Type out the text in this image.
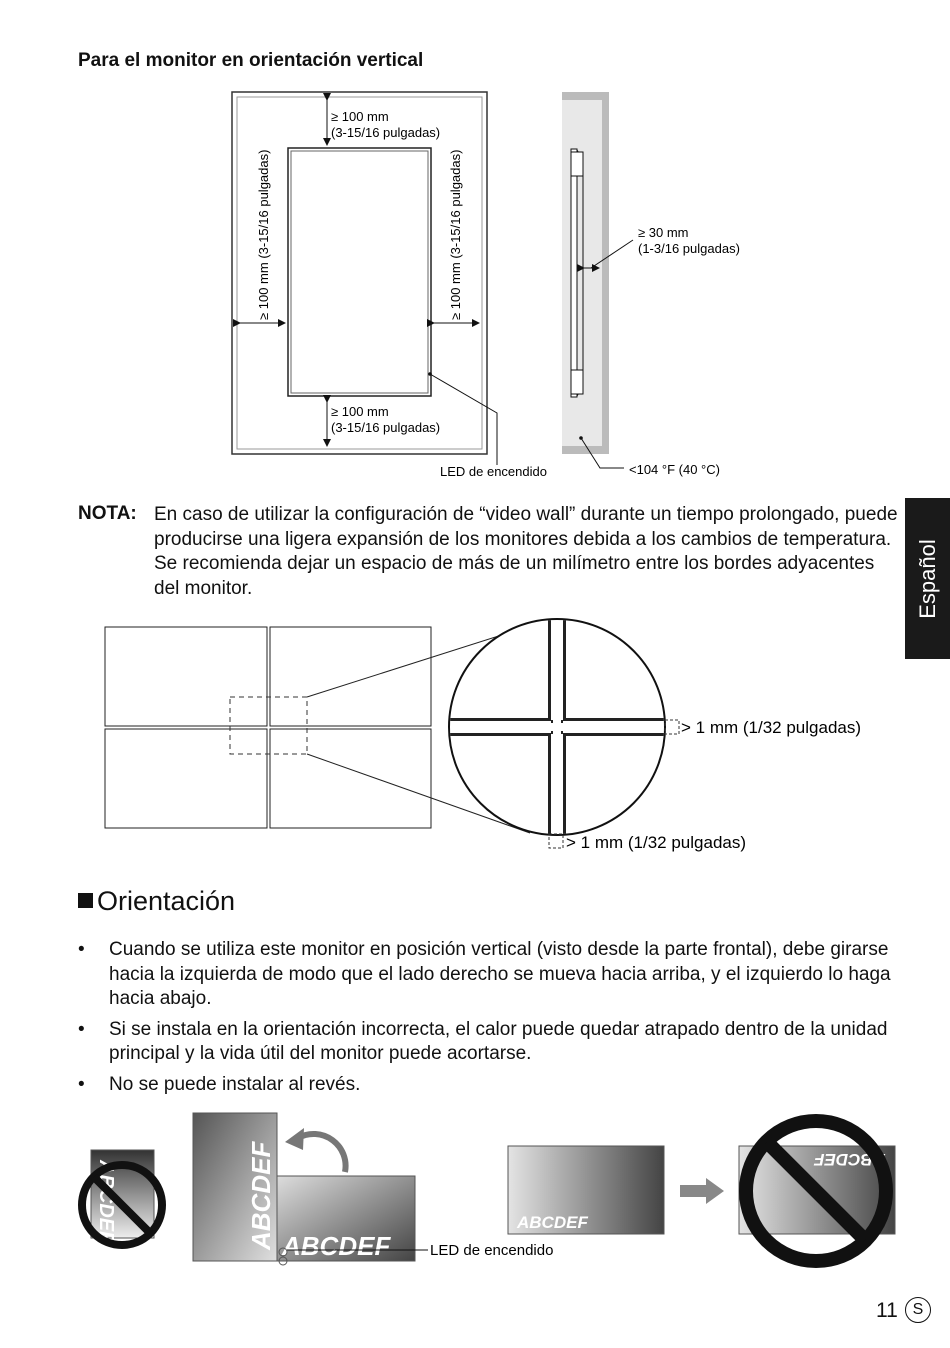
Para el monitor en orientación vertical
≥ 100 mm
(3-15/16 pulgadas)
≥ 100 mm
(3-15/16 pulgadas)
≥ 100 mm (3-15/16 pulgadas)	≥ 100 mm (3-15/16 pulgadas)
LED de encendido
≥ 30 mm
(1-3/16 pulgadas)
<104 °F (40 °C)
NOTA: En caso de utilizar la configuración de “video wall” durante un tiempo prolongado, puede producirse una ligera expansión de los monitores debida a los cambios de temperatura. Se recomienda dejar un espacio de más de un milímetro entre los bordes adyacentes del monitor.	Español
> 1 mm (1/32 pulgadas)
> 1 mm (1/32 pulgadas)
Orientación
• Cuando se utiliza este monitor en posición vertical (visto desde la parte frontal), debe girarse hacia la izquierda de modo que el lado derecho se mueva hacia arriba, y el izquierdo lo haga hacia abajo.
• Si se instala en la orientación incorrecta, el calor puede quedar atrapado dentro de la unidad principal y la vida útil del monitor puede acortarse.
• No se puede instalar al revés.
ABCDEF	ABCDEF ABCDEF	LED de encendido
ABCDEF
ABCDEF
11 S
